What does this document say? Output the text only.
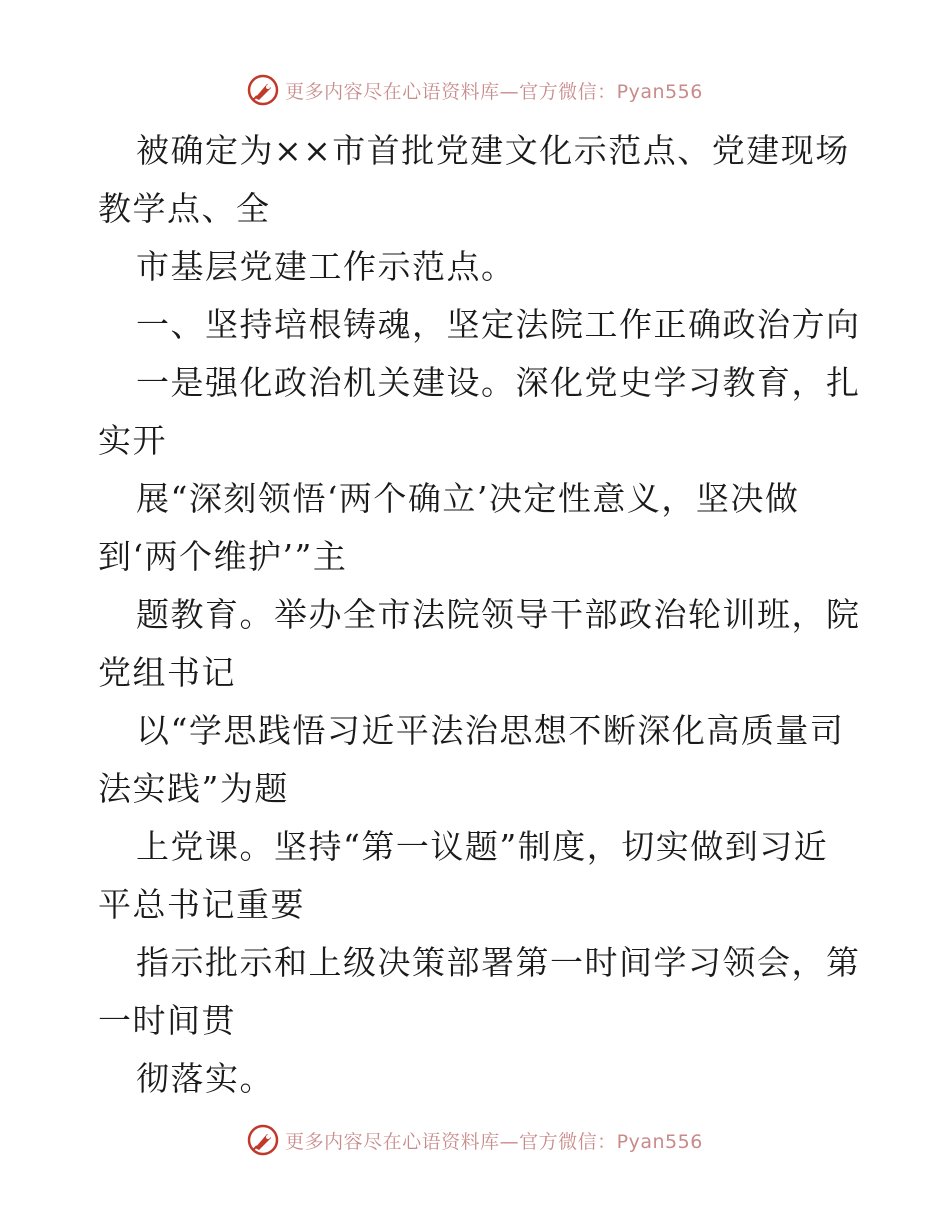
更多内容尽在心语资料库—官方微信：Pyan556
被确定为××市首批党建文化示范点、党建现场
教学点、全
市基层党建工作示范点。
一、坚持培根铸魂，坚定法院工作正确政治方向
一是强化政治机关建设。深化党史学习教育，扎
实开
展“深刻领悟‘两个确立’决定性意义，坚决做
到‘两个维护’”主
题教育。举办全市法院领导干部政治轮训班，院
党组书记
以“学思践悟习近平法治思想不断深化高质量司
法实践”为题
上党课。坚持“第一议题”制度，切实做到习近
平总书记重要
指示批示和上级决策部署第一时间学习领会，第
一时间贯
彻落实。
更多内容尽在心语资料库—官方微信：Pyan556
